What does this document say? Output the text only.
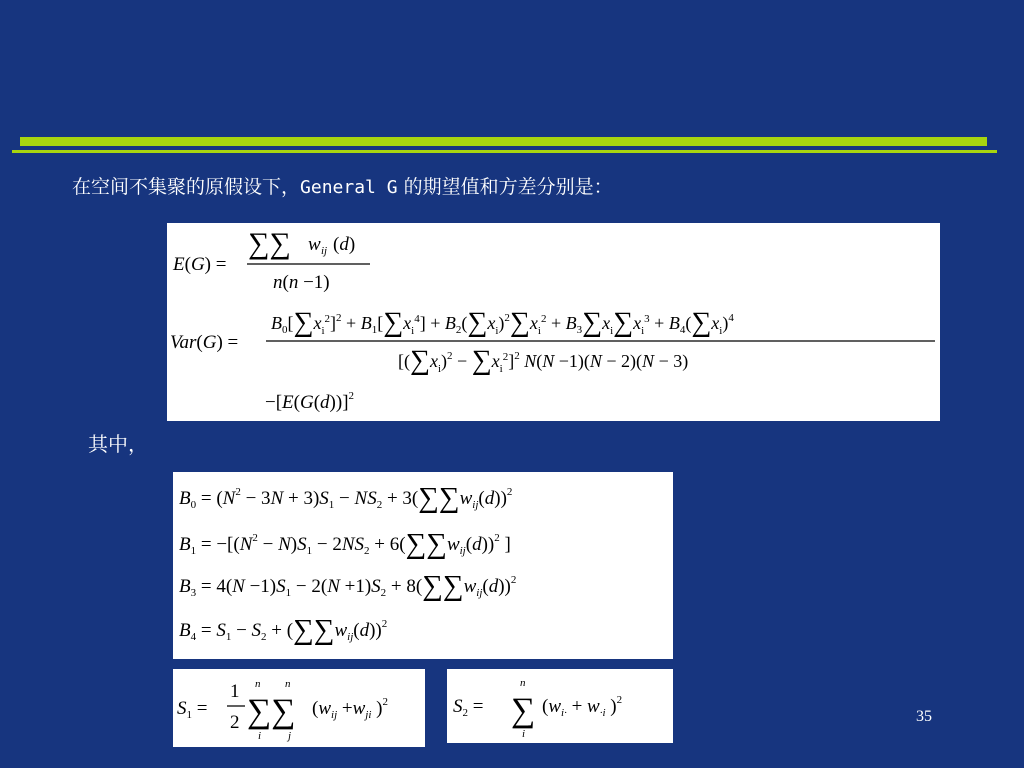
在空间不集聚的原假设下，General G 的期望值和方差分别是：
E(G) =
∑∑ w ij (d)
n(n −1)
Var(G) =
$B_0[\sum x_i^2]^2 + B_1[\sum x_i^4] + B_2(\sum x_i)^2\sum x_i^2 + B_3\sum x_i\sum x_i^3 + B_4(\sum x_i)^4$
$[(\sum x_i)^2 - \sum x_i^2]^2$ N(N −1)(N − 2)(N − 3)
$-[E(G(d))]^2$
其中，
$B_0 = (N^2 - 3N + 3)S_1 - NS_2 + 3(\sum\sum w_{ij}(d))^2$
$B_1 = -[(N^2 - N)S_1 - 2NS_2 + 6(\sum\sum w_{ij}(d))^2$ ]
$B_3 = 4(N -1)S_1 - 2(N +1)S_2 + 8(\sum\sum w_{ij}(d))^2$
$B_4 = S_1 - S_2 + (\sum\sum w_{ij}(d))^2$
$S_1$ =
1
2
n n
∑∑
i j
($w_{ij} +w_{ji}$ )$^2$	$S_2$ =
n
∑
i
($w_{i\cdot} + w_{\cdot i}$ )$^2$
35
